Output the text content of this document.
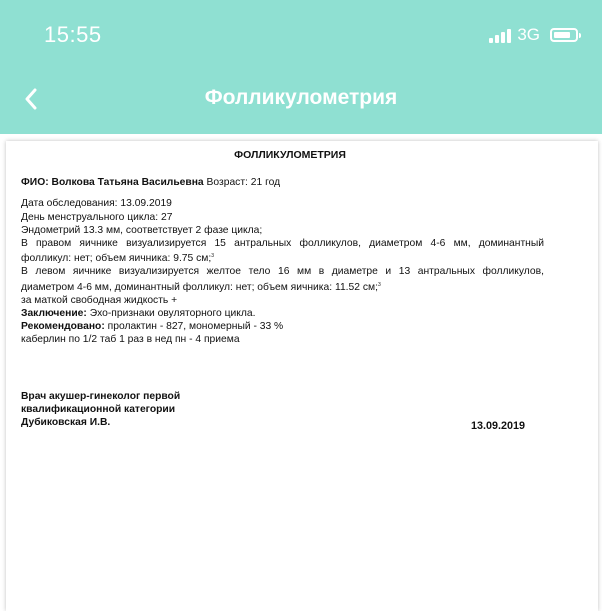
15:55	3G
Фолликулометрия
ФОЛЛИКУЛОМЕТРИЯ
ФИО: Волкова Татьяна Васильевна Возраст: 21 год
Дата обследования: 13.09.2019
День менструального цикла: 27
Эндометрий 13.3 мм, соответствует 2 фазе цикла;
В правом яичнике визуализируется 15 антральных фолликулов, диаметром 4-6 мм, доминантный
фолликул: нет; объем яичника: 9.75 см;$^3$
В левом яичнике визуализируется желтое тело 16 мм в диаметре и 13 антральных фолликулов,
диаметром 4-6 мм, доминантный фолликул: нет; объем яичника: 11.52 см;$^3$
за маткой свободная жидкость +
Заключение: Эхо-признаки овуляторного цикла.
Рекомендовано: пролактин - 827, мономерный - 33 %
каберлин по 1/2 таб 1 раз в нед пн - 4 приема
Врач акушер-гинеколог первой
квалификационной категории
Дубиковская И.В.	13.09.2019
